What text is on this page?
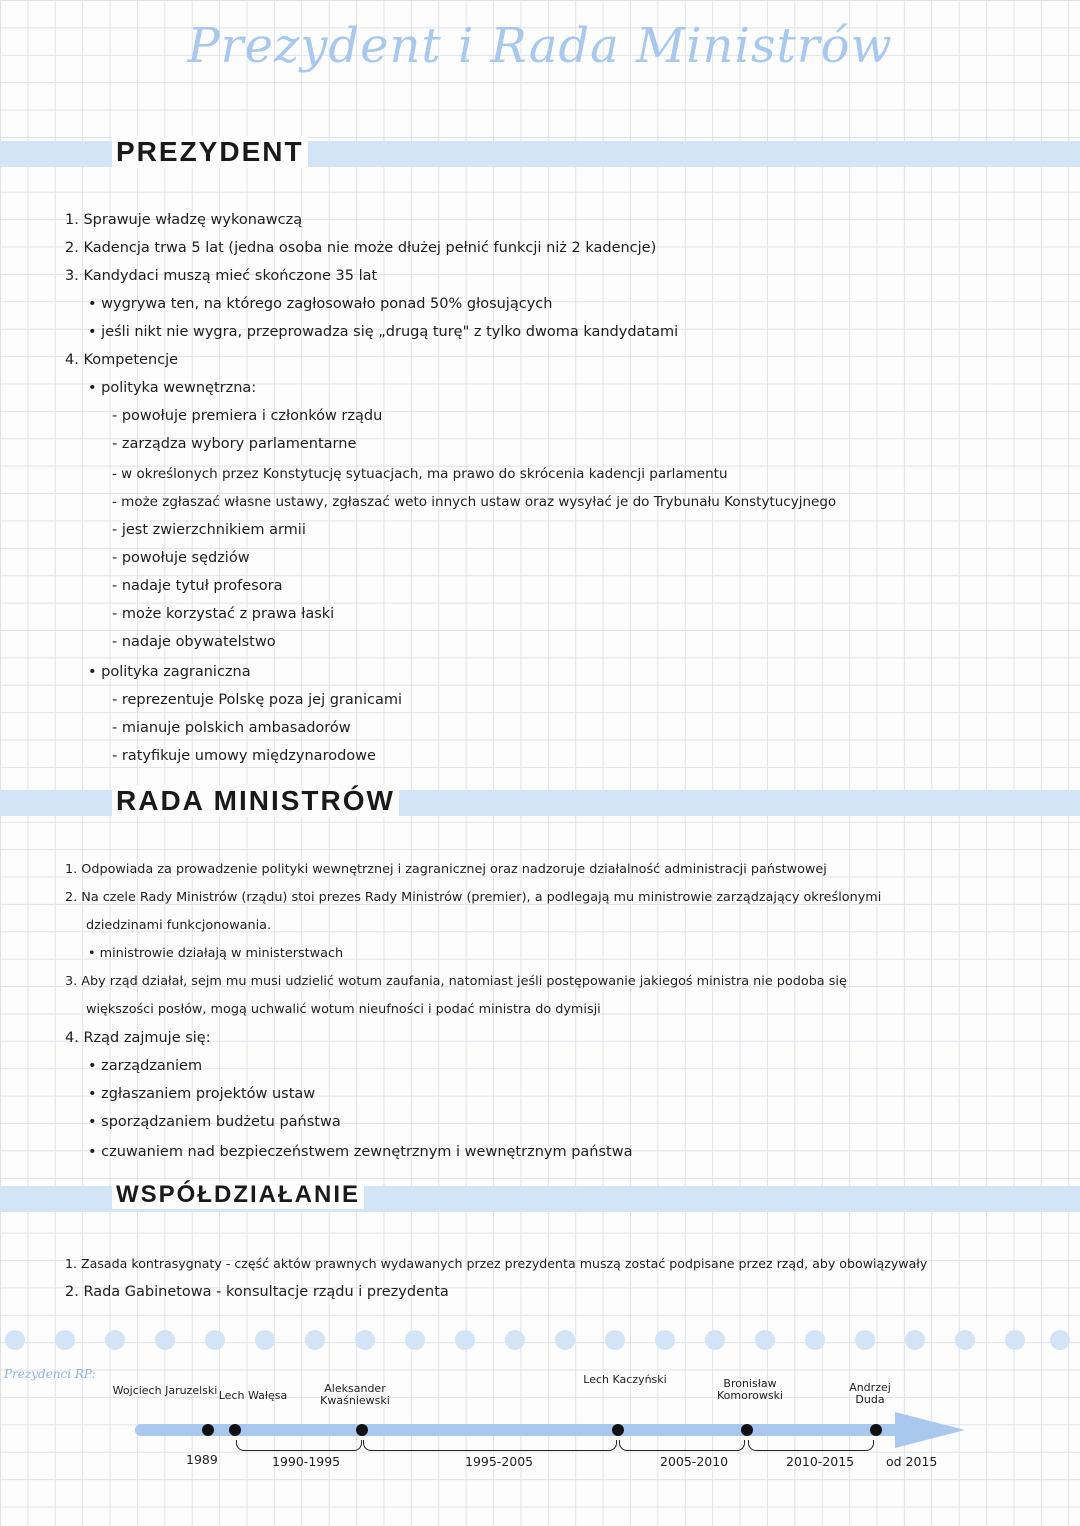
Prezydent i Rada Ministrów
PREZYDENT
1. Sprawuje władzę wykonawczą
2. Kadencja trwa 5 lat (jedna osoba nie może dłużej pełnić funkcji niż 2 kadencje)
3. Kandydaci muszą mieć skończone 35 lat
• wygrywa ten, na którego zagłosowało ponad 50% głosujących
• jeśli nikt nie wygra, przeprowadza się „drugą turę" z tylko dwoma kandydatami
4. Kompetencje
• polityka wewnętrzna:
- powołuje premiera i członków rządu
- zarządza wybory parlamentarne
- w określonych przez Konstytucję sytuacjach, ma prawo do skrócenia kadencji parlamentu
- może zgłaszać własne ustawy, zgłaszać weto innych ustaw oraz wysyłać je do Trybunału Konstytucyjnego
- jest zwierzchnikiem armii
- powołuje sędziów
- nadaje tytuł profesora
- może korzystać z prawa łaski
- nadaje obywatelstwo
• polityka zagraniczna
- reprezentuje Polskę poza jej granicami
- mianuje polskich ambasadorów
- ratyfikuje umowy międzynarodowe
RADA MINISTRÓW
1. Odpowiada za prowadzenie polityki wewnętrznej i zagranicznej oraz nadzoruje działalność administracji państwowej
2. Na czele Rady Ministrów (rządu) stoi prezes Rady Ministrów (premier), a podlegają mu ministrowie zarządzający określonymi
dziedzinami funkcjonowania.
• ministrowie działają w ministerstwach
3. Aby rząd działał, sejm mu musi udzielić wotum zaufania, natomiast jeśli postępowanie jakiegoś ministra nie podoba się
większości posłów, mogą uchwalić wotum nieufności i podać ministra do dymisji
4. Rząd zajmuje się:
• zarządzaniem
• zgłaszaniem projektów ustaw
• sporządzaniem budżetu państwa
• czuwaniem nad bezpieczeństwem zewnętrznym i wewnętrznym państwa
WSPÓŁDZIAŁANIE
1. Zasada kontrasygnaty - część aktów prawnych wydawanych przez prezydenta muszą zostać podpisane przez rząd, aby obowiązywały
2. Rada Gabinetowa - konsultacje rządu i prezydenta
Prezydenci RP:
Wojciech Jaruzelski Lech Wałęsa
Aleksander Kwaśniewski
Lech Kaczyński	Bronisław Komorowski
Andrzej Duda
1989	1990-1995	1995-2005	2005-2010	2010-2015	od 2015
